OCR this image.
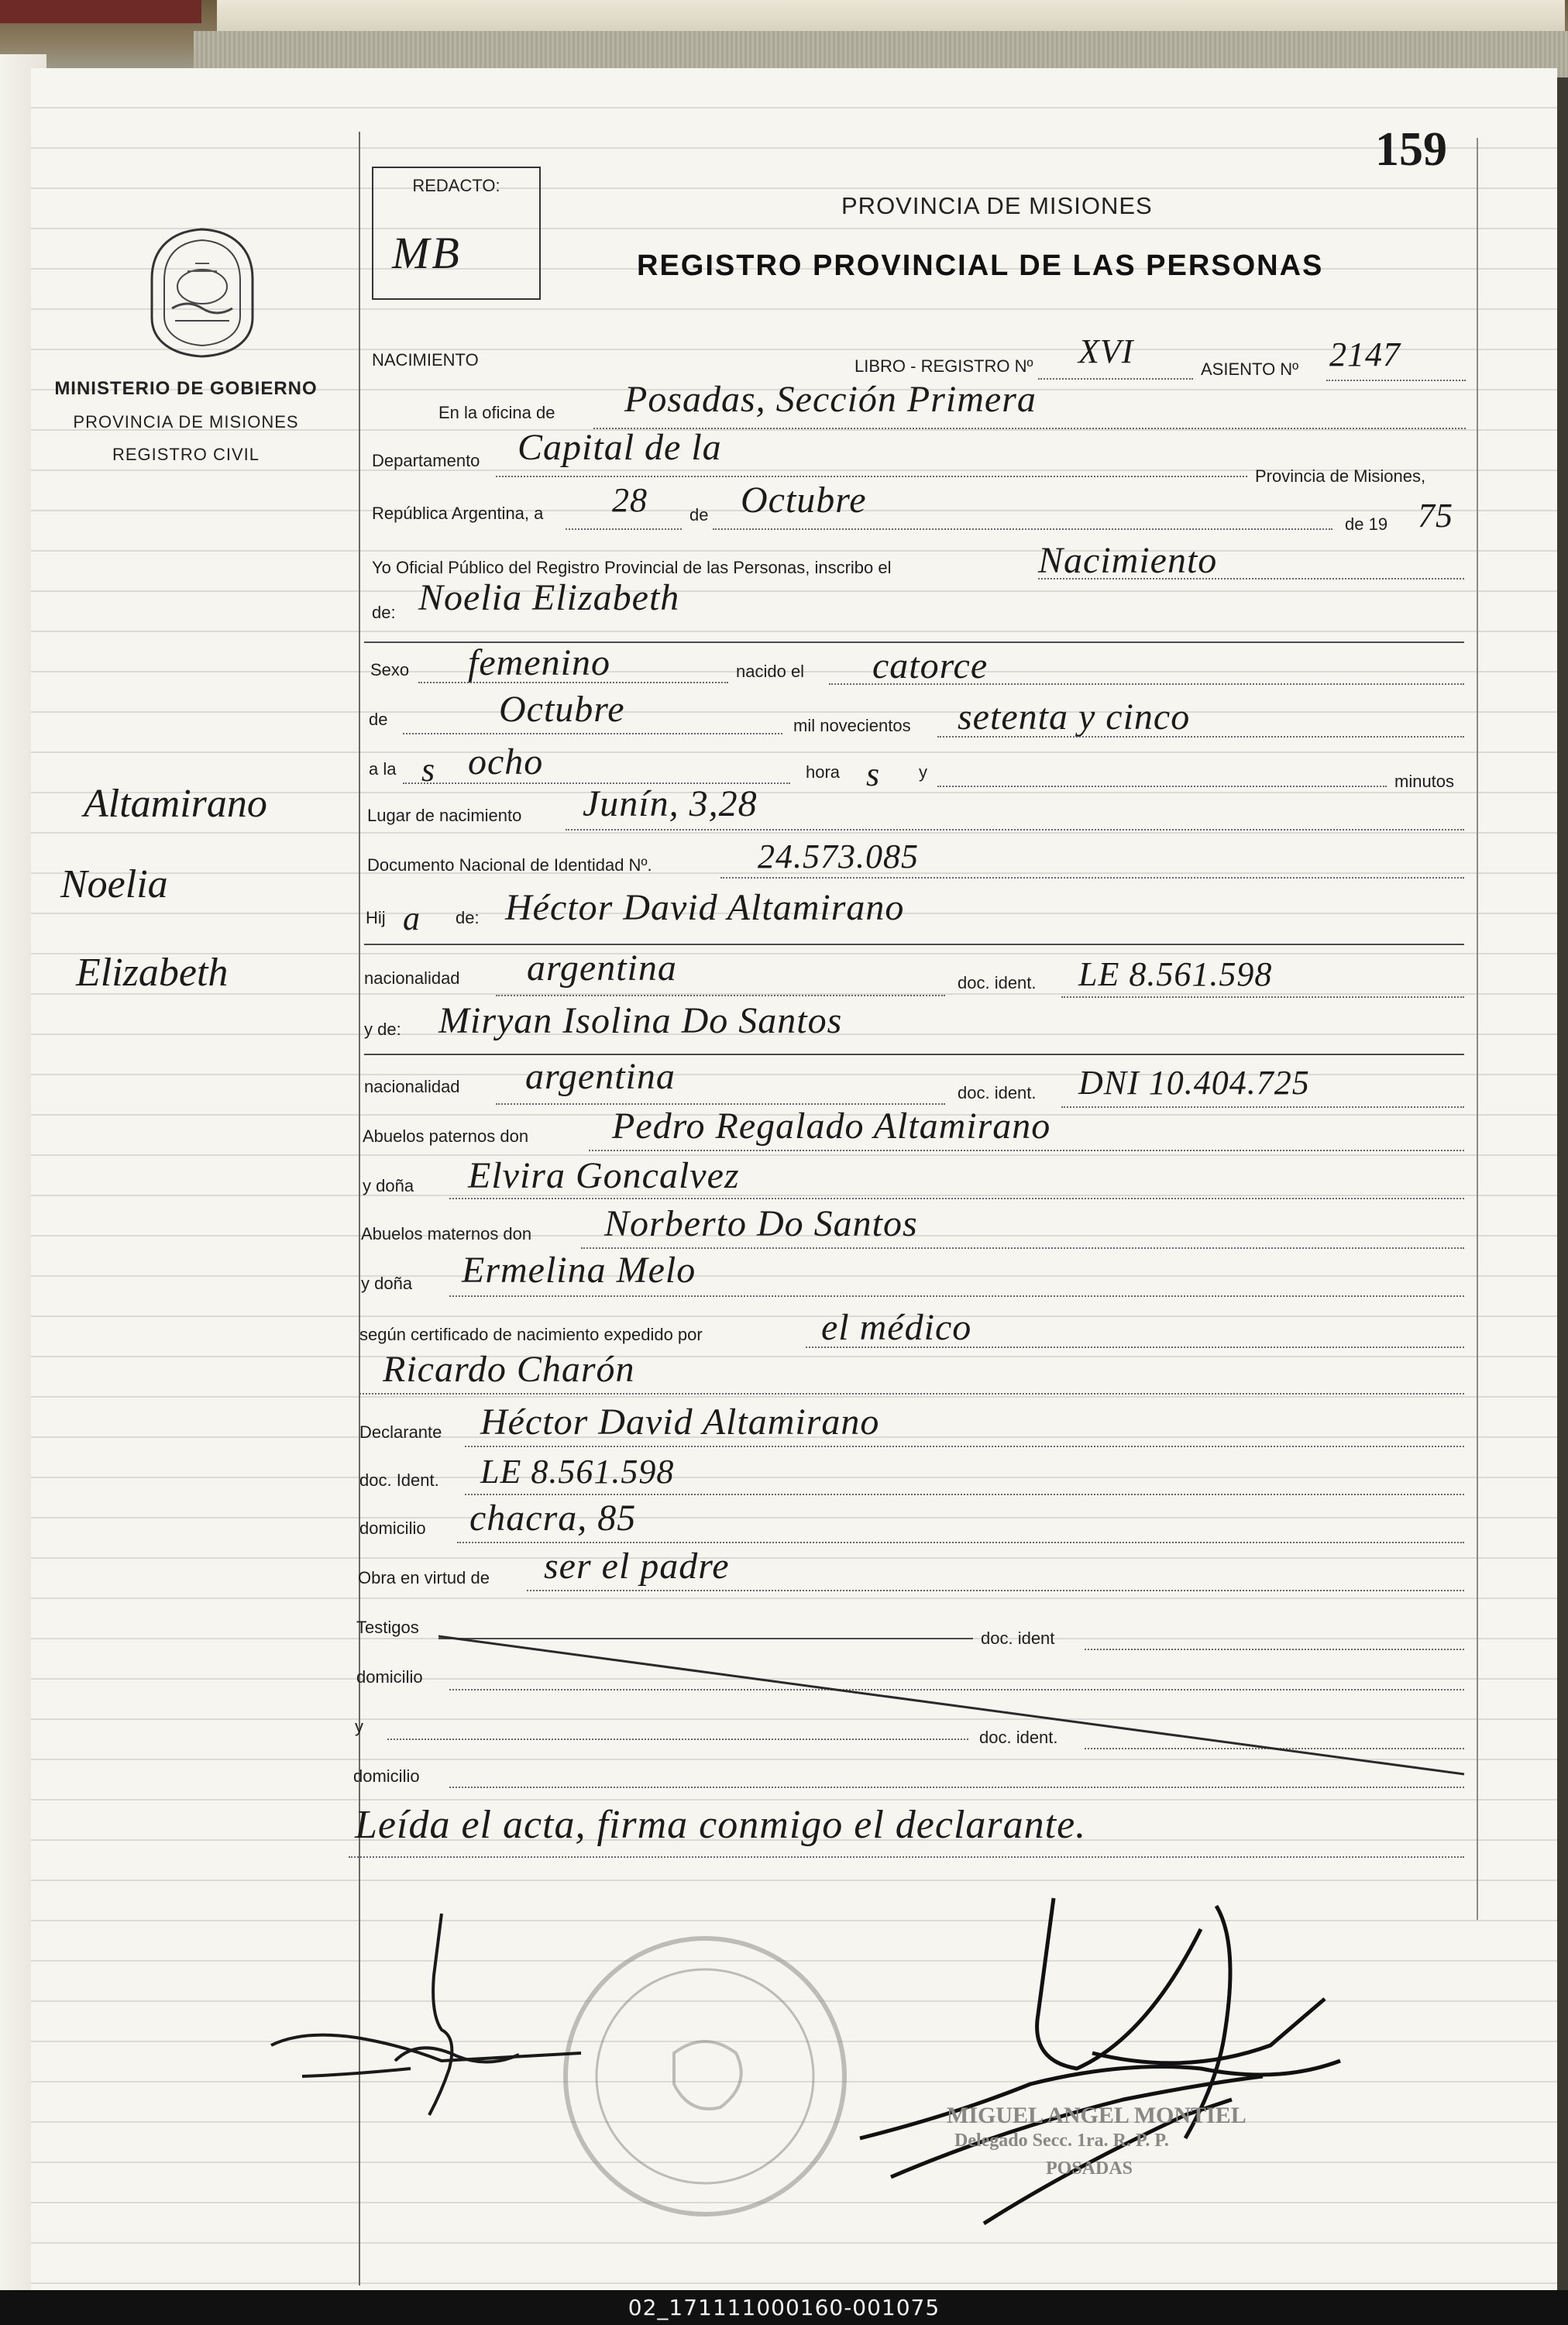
159
REDACTO:
MB
PROVINCIA DE MISIONES
REGISTRO PROVINCIAL DE LAS PERSONAS
MINISTERIO DE GOBIERNO
PROVINCIA DE MISIONES
REGISTRO CIVIL
NACIMIENTO	LIBRO - REGISTRO Nº XVI	ASIENTO Nº 2147
En la oficina de Posadas, Sección Primera
Departamento Capital de la
Provincia de Misiones,
República Argentina, a 28 de Octubre
de 19 75
Yo Oficial Público del Registro Provincial de las Personas, inscribo el	Nacimiento
de: Noelia Elizabeth
Sexo femenino	nacido el catorce
de	Octubre	mil novecientos setenta y cinco
a la s ocho	hora s y	minutos
Lugar de nacimiento Junín, 3,28
Documento Nacional de Identidad Nº.	24.573.085
Hij a de: Héctor David Altamirano
nacionalidad argentina	doc. ident. LE 8.561.598
y de: Miryan Isolina Do Santos
nacionalidad argentina	doc. ident. DNI 10.404.725
Abuelos paternos don Pedro Regalado Altamirano
y doña Elvira Goncalvez
Abuelos maternos don Norberto Do Santos
y doña Ermelina Melo
según certificado de nacimiento expedido por	el médico
Ricardo Charón
Declarante Héctor David Altamirano
doc. Ident. LE 8.561.598
domicilio chacra, 85
Obra en virtud de ser el padre
Testigos
doc. ident
domicilio
y
doc. ident.
domicilio
Leída el acta, firma conmigo el declarante.
Altamirano
Noelia
Elizabeth
MIGUEL ANGEL MONTIEL
Delegado Secc. 1ra. R. P. P.
POSADAS
02_171111000160-001075
